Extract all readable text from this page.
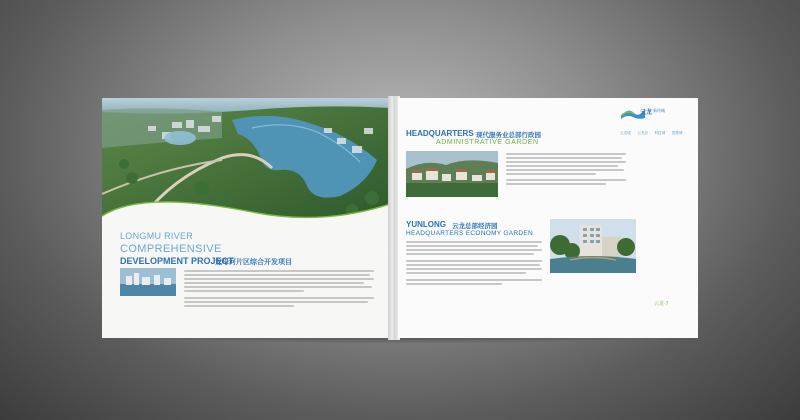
LONGMU RIVER
COMPREHENSIVE
DEVELOPMENT PROJECT
龙母河片区综合开发项目
云龙 新经城
云龙城 云龙谷 科技城 智慧城
HEADQUARTERS 现代服务业总部行政园
ADMINISTRATIVE GARDEN
YUNLONG 云龙总部经济园
HEADQUARTERS ECONOMY GARDEN
云龙·7
